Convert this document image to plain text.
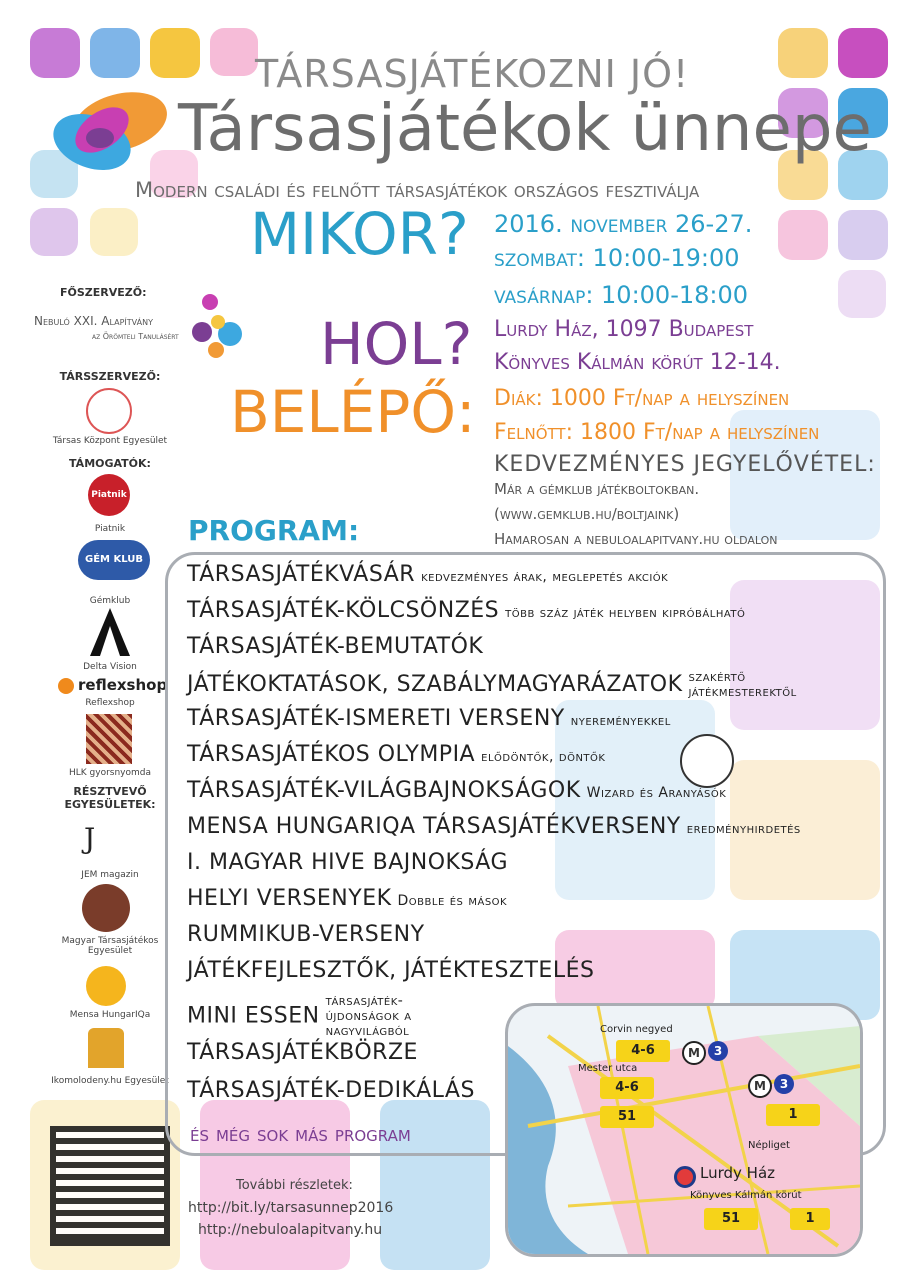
TÁRSASJÁTÉKOZNI JÓ!
Társasjátékok ünnepe
Modern családi és felnőtt társasjátékok országos fesztiválja
MIKOR? 2016. november 26-27.
szombat: 10:00-19:00
vasárnap: 10:00-18:00
HOL? Lurdy Ház, 1097 Budapest
Könyves Kálmán körút 12-14.
BELÉPŐ: Diák: 1000 Ft/nap a helyszínen
Felnőtt: 1800 Ft/nap a helyszínen
KEDVEZMÉNYES JEGYELŐVÉTEL:
Már a gémklub játékboltokban.
(www.gemklub.hu/boltjaink)
Hamarosan a nebuloalapitvany.hu oldalon
FŐSZERVEZŐ:
Nebuló XXI. Alapítvány
az Örömteli Tanulásért
TÁRSSZERVEZŐ:
Társas Központ Egyesület
TÁMOGATÓK:
Piatnik
Piatnik
GÉM KLUB
Gémklub
Delta Vision
reflexshop
Reflexshop
HLK gyorsnyomda
RÉSZTVEVŐ EGYESÜLETEK:
J
JEM magazin
Magyar Társasjátékos Egyesület
Mensa HungarIQa
Ikomolodeny.hu Egyesület
PROGRAM:
TÁRSASJÁTÉKVÁSÁR kedvezményes árak, meglepetés akciók
TÁRSASJÁTÉK-KÖLCSÖNZÉS több száz játék helyben kipróbálható
TÁRSASJÁTÉK-BEMUTATÓK
JÁTÉKOKTATÁSOK, SZABÁLYMAGYARÁZATOK szakértő játékmesterektől
TÁRSASJÁTÉK-ISMERETI VERSENY nyereményekkel
TÁRSASJÁTÉKOS OLYMPIA elődöntők, döntők
TÁRSASJÁTÉK-VILÁGBAJNOKSÁGOK Wizard és Aranyásók
MENSA HUNGARIQA TÁRSASJÁTÉKVERSENY eredményhirdetés
I. MAGYAR HIVE BAJNOKSÁG
HELYI VERSENYEK Dobble és mások
RUMMIKUB-VERSENY
JÁTÉKFEJLESZTŐK, JÁTÉKTESZTELÉS
MINI ESSENtársasjáték-újdonságok a nagyvilágból
TÁRSASJÁTÉKBÖRZE
TÁRSASJÁTÉK-DEDIKÁLÁS
és még sok más program
További részletek:
http://bit.ly/tarsasunnep2016
http://nebuloalapitvany.hu
Corvin negyed
4-6	M	3
Mester utca
4-6	M	3
51	1
Népliget
Lurdy Ház
Könyves Kálmán körút
51	1
